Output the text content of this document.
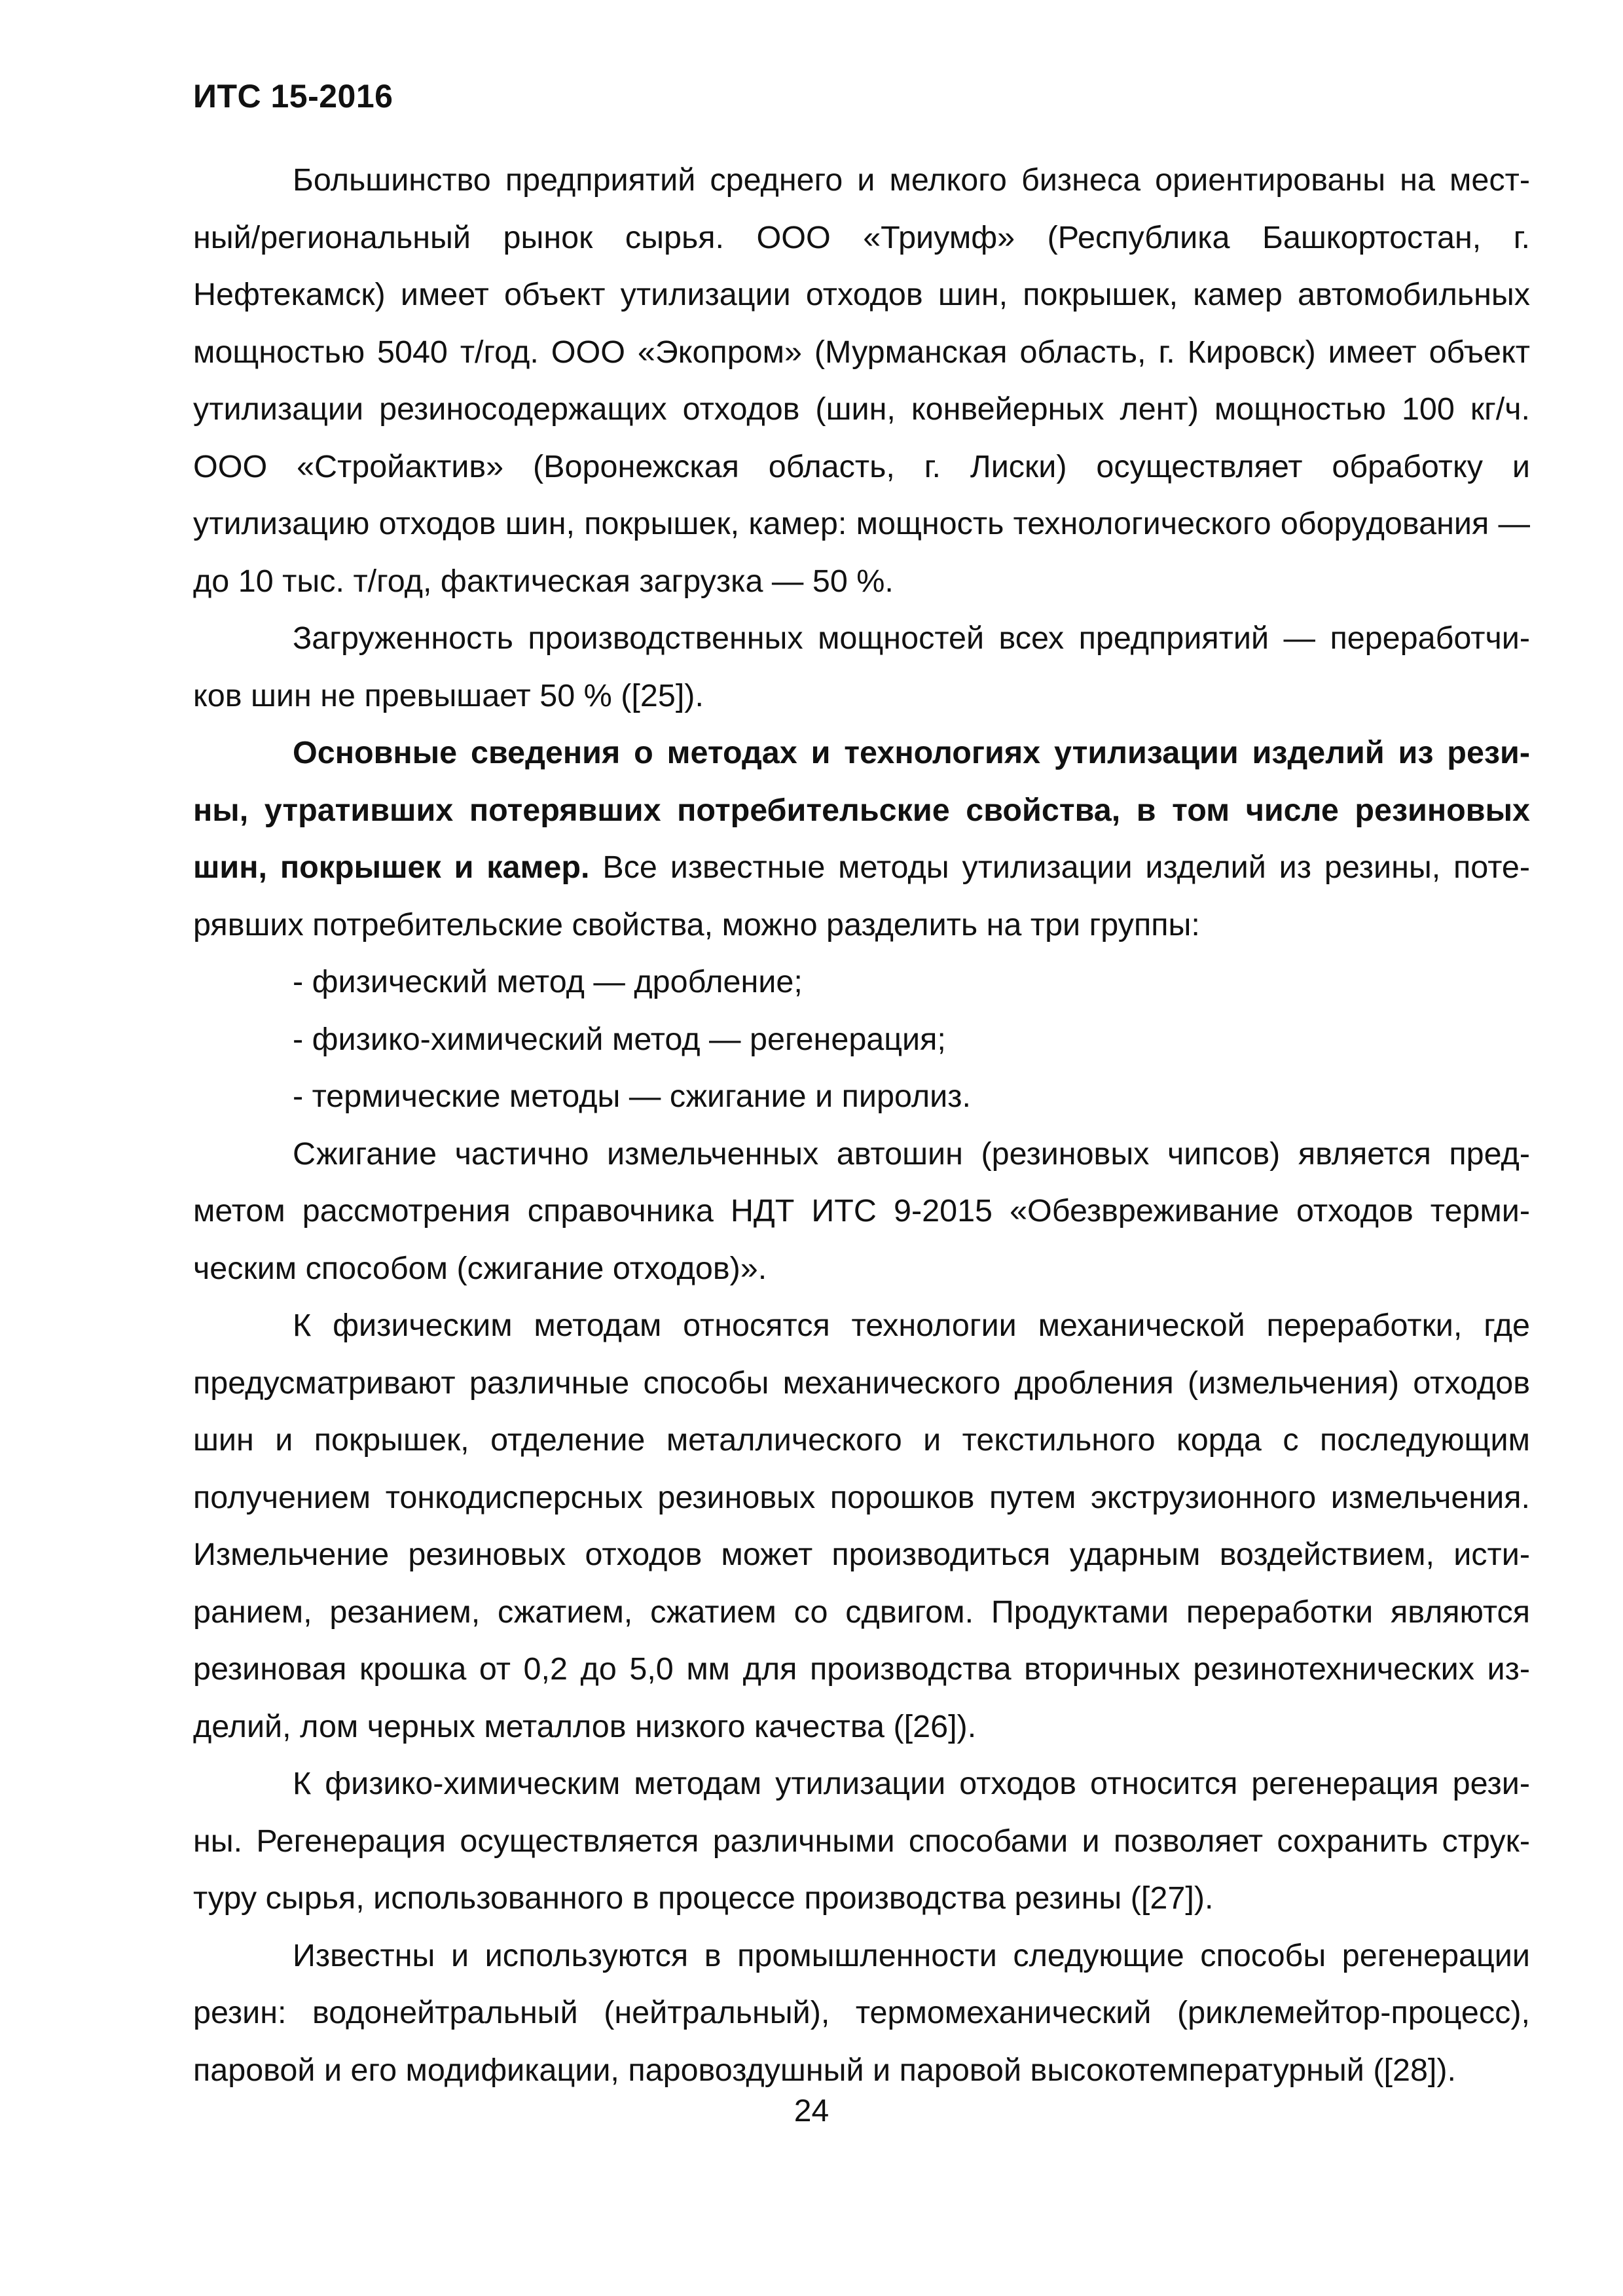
ИТС 15-2016

Большинство предприятий среднего и мелкого бизнеса ориентированы на местный/региональный рынок сырья. ООО «Триумф» (Республика Башкортостан, г. Нефтекамск) имеет объект утилизации отходов шин, покрышек, камер автомобильных мощностью 5040 т/год. ООО «Экопром» (Мурманская область, г. Кировск) имеет объект утилизации резиносодержащих отходов (шин, конвейерных лент) мощностью 100 кг/ч. ООО «Стройактив» (Воронежская область, г. Лиски) осуществляет обработку и утилизацию отходов шин, покрышек, камер: мощность технологического оборудования — до 10 тыс. т/год, фактическая загрузка — 50 %.

Загруженность производственных мощностей всех предприятий — переработчиков шин не превышает 50 % ([25]).

Основные сведения о методах и технологиях утилизации изделий из резины, утративших потерявших потребительские свойства, в том числе резиновых шин, покрышек и камер. Все известные методы утилизации изделий из резины, потерявших потребительские свойства, можно разделить на три группы:

- физический метод — дробление;

- физико-химический метод — регенерация;

- термические методы — сжигание и пиролиз.

Сжигание частично измельченных автошин (резиновых чипсов) является предметом рассмотрения справочника НДТ ИТС 9-2015 «Обезвреживание отходов термическим способом (сжигание отходов)».

К физическим методам относятся технологии механической переработки, где предусматривают различные способы механического дробления (измельчения) отходов шин и покрышек, отделение металлического и текстильного корда с последующим получением тонкодисперсных резиновых порошков путем экструзионного измельчения. Измельчение резиновых отходов может производиться ударным воздействием, истиранием, резанием, сжатием, сжатием со сдвигом. Продуктами переработки являются резиновая крошка от 0,2 до 5,0 мм для производства вторичных резинотехнических изделий, лом черных металлов низкого качества ([26]).

К физико-химическим методам утилизации отходов относится регенерация резины. Регенерация осуществляется различными способами и позволяет сохранить структуру сырья, использованного в процессе производства резины ([27]).

Известны и используются в промышленности следующие способы регенерации резин: водонейтральный (нейтральный), термомеханический (риклемейтор-процесс), паровой и его модификации, паровоздушный и паровой высокотемпературный ([28]).

24
